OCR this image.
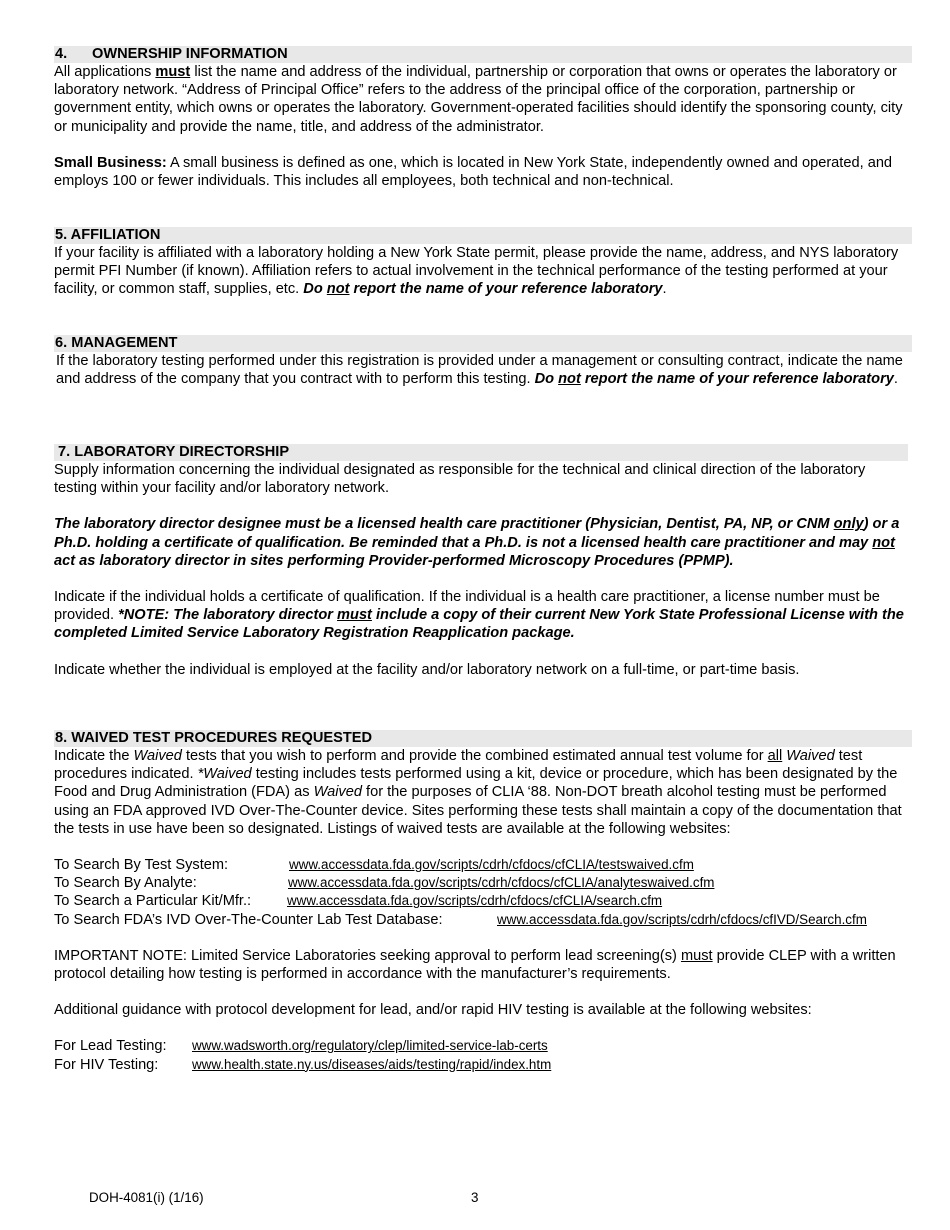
4. OWNERSHIP INFORMATION

All applications must list the name and address of the individual, partnership or corporation that owns or operates the laboratory or laboratory network. “Address of Principal Office” refers to the address of the principal office of the corporation, partnership or government entity, which owns or operates the laboratory. Government-operated facilities should identify the sponsoring county, city or municipality and provide the name, title, and address of the administrator.

Small Business: A small business is defined as one, which is located in New York State, independently owned and operated, and employs 100 or fewer individuals. This includes all employees, both technical and non-technical.

5. AFFILIATION

If your facility is affiliated with a laboratory holding a New York State permit, please provide the name, address, and NYS laboratory permit PFI Number (if known). Affiliation refers to actual involvement in the technical performance of the testing performed at your facility, or common staff, supplies, etc. Do not report the name of your reference laboratory.

6. MANAGEMENT

If the laboratory testing performed under this registration is provided under a management or consulting contract, indicate the name and address of the company that you contract with to perform this testing. Do not report the name of your reference laboratory.

7. LABORATORY DIRECTORSHIP

Supply information concerning the individual designated as responsible for the technical and clinical direction of the laboratory testing within your facility and/or laboratory network.

The laboratory director designee must be a licensed health care practitioner (Physician, Dentist, PA, NP, or CNM only) or a Ph.D. holding a certificate of qualification. Be reminded that a Ph.D. is not a licensed health care practitioner and may not act as laboratory director in sites performing Provider-performed Microscopy Procedures (PPMP).

Indicate if the individual holds a certificate of qualification. If the individual is a health care practitioner, a license number must be provided. *NOTE: The laboratory director must include a copy of their current New York State Professional License with the completed Limited Service Laboratory Registration Reapplication package.

Indicate whether the individual is employed at the facility and/or laboratory network on a full-time, or part-time basis.

8. WAIVED TEST PROCEDURES REQUESTED

Indicate the Waived tests that you wish to perform and provide the combined estimated annual test volume for all Waived test procedures indicated. *Waived testing includes tests performed using a kit, device or procedure, which has been designated by the Food and Drug Administration (FDA) as Waived for the purposes of CLIA ‘88. Non-DOT breath alcohol testing must be performed using an FDA approved IVD Over-The-Counter device. Sites performing these tests shall maintain a copy of the documentation that the tests in use have been so designated. Listings of waived tests are available at the following websites:

To Search By Test System:	www.accessdata.fda.gov/scripts/cdrh/cfdocs/cfCLIA/testswaived.cfm
To Search By Analyte:	www.accessdata.fda.gov/scripts/cdrh/cfdocs/cfCLIA/analyteswaived.cfm
To Search a Particular Kit/Mfr.:	www.accessdata.fda.gov/scripts/cdrh/cfdocs/cfCLIA/search.cfm
To Search FDA’s IVD Over-The-Counter Lab Test Database:	www.accessdata.fda.gov/scripts/cdrh/cfdocs/cfIVD/Search.cfm

IMPORTANT NOTE: Limited Service Laboratories seeking approval to perform lead screening(s) must provide CLEP with a written protocol detailing how testing is performed in accordance with the manufacturer’s requirements.

Additional guidance with protocol development for lead, and/or rapid HIV testing is available at the following websites:

For Lead Testing: www.wadsworth.org/regulatory/clep/limited-service-lab-certs
For HIV Testing:	www.health.state.ny.us/diseases/aids/testing/rapid/index.htm
DOH-4081(i) (1/16)	3
